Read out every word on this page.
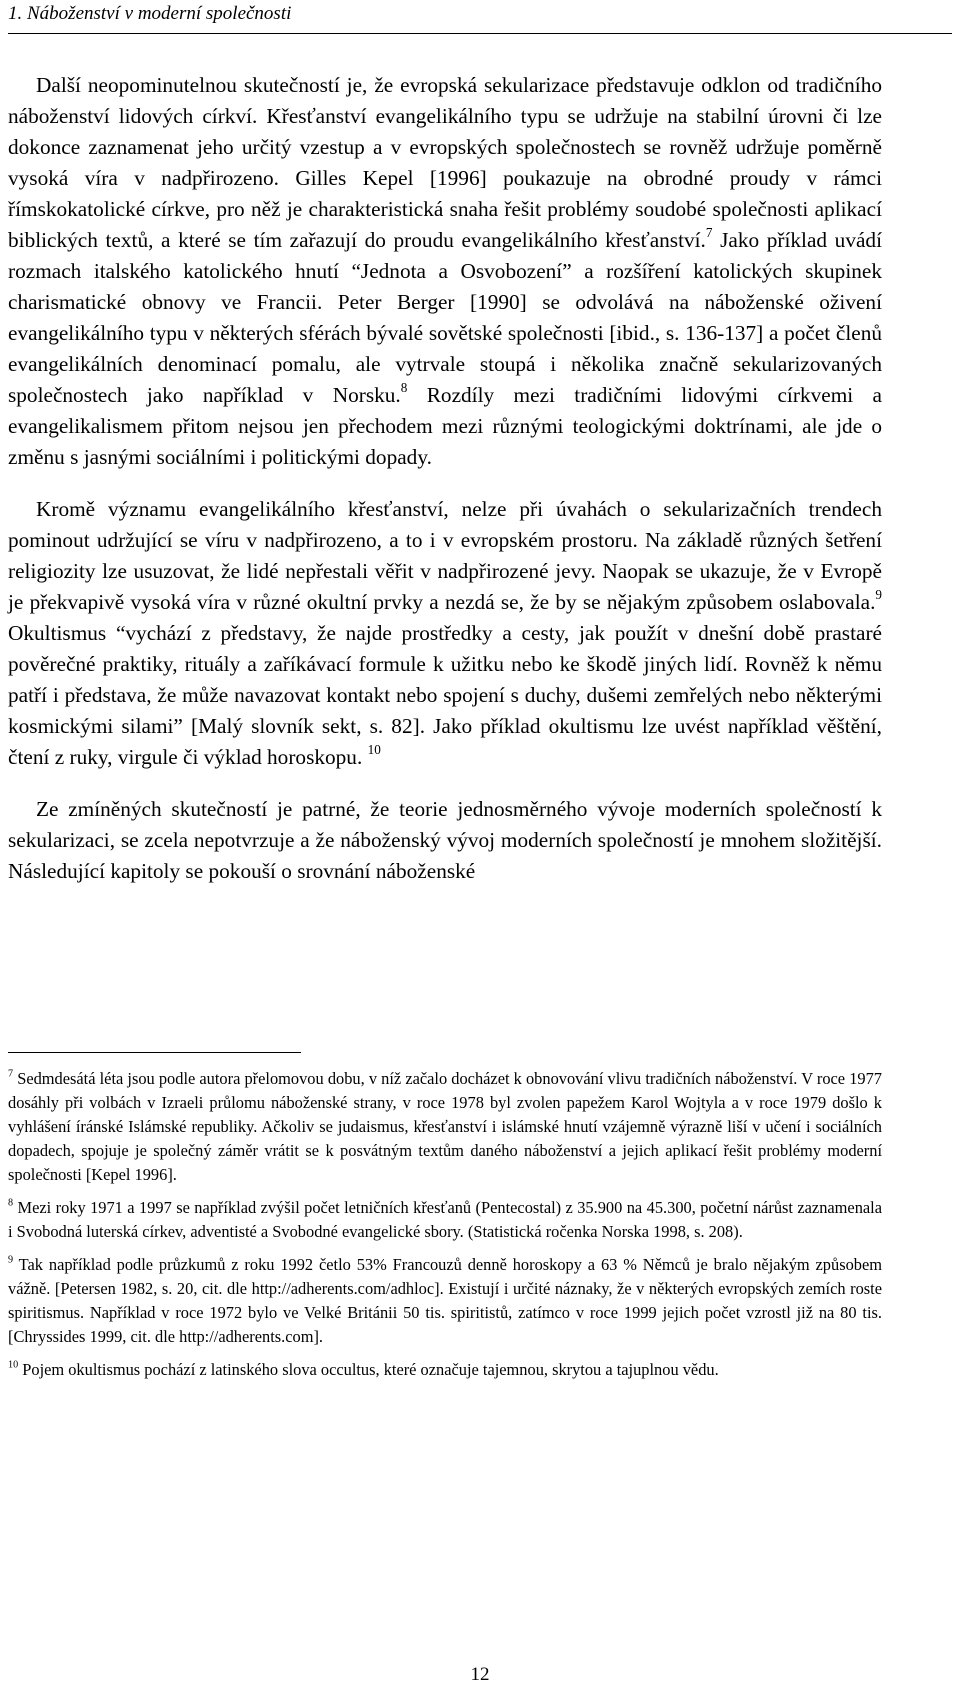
1. Náboženství v moderní společnosti

Další neopominutelnou skutečností je, že evropská sekularizace představuje odklon od tradičního náboženství lidových církví. Křesťanství evangelikálního typu se udržuje na stabilní úrovni či lze dokonce zaznamenat jeho určitý vzestup a v evropských společnostech se rovněž udržuje poměrně vysoká víra v nadpřirozeno. Gilles Kepel [1996] poukazuje na obrodné proudy v rámci římskokatolické církve, pro něž je charakteristická snaha řešit problémy soudobé společnosti aplikací biblických textů, a které se tím zařazují do proudu evangelikálního křesťanství.$^7$ Jako příklad uvádí rozmach italského katolického hnutí “Jednota a Osvobození” a rozšíření katolických skupinek charismatické obnovy ve Francii. Peter Berger [1990] se odvolává na náboženské oživení evangelikálního typu v některých sférách bývalé sovětské společnosti [ibid., s. 136-137] a počet členů evangelikálních denominací pomalu, ale vytrvale stoupá i několika značně sekularizovaných společnostech jako například v Norsku.$^8$ Rozdíly mezi tradičními lidovými církvemi a evangelikalismem přitom nejsou jen přechodem mezi různými teologickými doktrínami, ale jde o změnu s jasnými sociálními i politickými dopady.

Kromě významu evangelikálního křesťanství, nelze při úvahách o sekularizačních trendech pominout udržující se víru v nadpřirozeno, a to i v evropském prostoru. Na základě různých šetření religiozity lze usuzovat, že lidé nepřestali věřit v nadpřirozené jevy. Naopak se ukazuje, že v Evropě je překvapivě vysoká víra v různé okultní prvky a nezdá se, že by se nějakým způsobem oslabovala.$^9$ Okultismus “vychází z představy, že najde prostředky a cesty, jak použít v dnešní době prastaré pověrečné praktiky, rituály a zaříkávací formule k užitku nebo ke škodě jiných lidí. Rovněž k němu patří i představa, že může navazovat kontakt nebo spojení s duchy, dušemi zemřelých nebo některými kosmickými silami” [Malý slovník sekt, s. 82]. Jako příklad okultismu lze uvést například věštění, čtení z ruky, virgule či výklad horoskopu. $^{10}$

Ze zmíněných skutečností je patrné, že teorie jednosměrného vývoje moderních společností k sekularizaci, se zcela nepotvrzuje a že náboženský vývoj moderních společností je mnohem složitější. Následující kapitoly se pokouší o srovnání náboženské

$^7$ Sedmdesátá léta jsou podle autora přelomovou dobu, v níž začalo docházet k obnovování vlivu tradičních náboženství. V roce 1977 dosáhly při volbách v Izraeli průlomu náboženské strany, v roce 1978 byl zvolen papežem Karol Wojtyla a v roce 1979 došlo k vyhlášení íránské Islámské republiky. Ačkoliv se judaismus, křesťanství i islámské hnutí vzájemně výrazně liší v učení i sociálních dopadech, spojuje je společný záměr vrátit se k posvátným textům daného náboženství a jejich aplikací řešit problémy moderní společnosti [Kepel 1996].

$^8$ Mezi roky 1971 a 1997 se například zvýšil počet letničních křesťanů (Pentecostal) z 35.900 na 45.300, početní nárůst zaznamenala i Svobodná luterská církev, adventisté a Svobodné evangelické sbory. (Statistická ročenka Norska 1998, s. 208).

$^9$ Tak například podle průzkumů z roku 1992 četlo 53% Francouzů denně horoskopy a 63 % Němců je bralo nějakým způsobem vážně. [Petersen 1982, s. 20, cit. dle http://adherents.com/adhloc]. Existují i určité náznaky, že v některých evropských zemích roste spiritismus. Například v roce 1972 bylo ve Velké Británii 50 tis. spiritistů, zatímco v roce 1999 jejich počet vzrostl již na 80 tis. [Chryssides 1999, cit. dle http://adherents.com].

$^{10}$ Pojem okultismus pochází z latinského slova occultus, které označuje tajemnou, skrytou a tajuplnou vědu.

12
